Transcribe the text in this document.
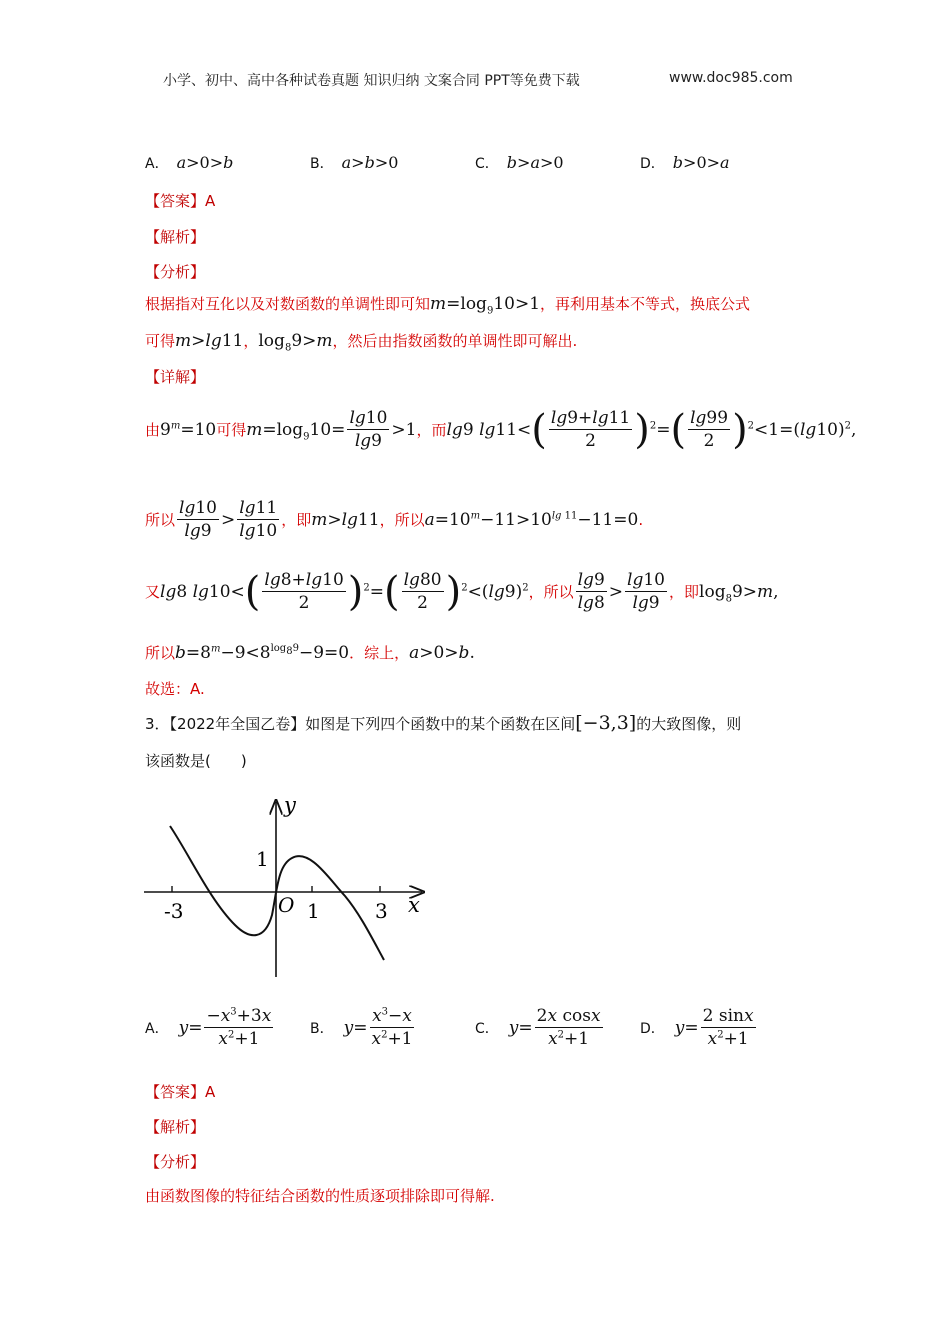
小学、初中、高中各种试卷真题 知识归纳 文案合同 PPT等免费下载	www.doc985.com
A． a>0>b	B． a>b>0	C． b>a>0	D． b>0>a
【答案】A
【解析】
【分析】
根据指对互化以及对数函数的单调性即可知 $m=\log_910>1$ ，再利用基本不等式，换底公式
可得 m>lg11 ， $\log_89>m$ ，然后由指数函数的单调性即可解出.
【详解】
由 $9^m=10$ 可得 $m=\log_910= \frac{\lg 10}{\lg 9} >1$ ， 而 lg9 lg11< ( $\frac{\lg 9+\lg 11}{2}$ ) $^2$= ( $\frac{\lg 99}{2}$ ) $^2<1=(\lg 10)^2$,
所以 $\frac{\lg 10}{\lg 9} > \frac{\lg 11}{\lg 10}$ ，即 m>lg11 ，所以 $a=10^m-11>10^{lg 11}-11=0$ .
又 lg8 lg10< ( $\frac{\lg 8+\lg 10}{2}$ ) $^2$= ( $\frac{\lg 80}{2}$ ) $^2<(\lg 9)^2$ ，所以 $\frac{\lg 9}{\lg 8} > \frac{\lg 10}{\lg 9}$ ，即 $\log_89>m$,
所以 $b=8^m-9<8^{log_89}-9=0$ ．综上， a>0>b.
故选：A.
3．【2022年全国乙卷】如图是下列四个函数中的某个函数在区间 [−3,3] 的大致图像，则
该函数是(　　)
y
x
1
O
-3	1	3
A． $y= \frac{-x^3+3x}{x^2+1}$	B． $y= \frac{x^3-x}{x^2+1}$	C． $y= \frac{\text{2x cosx}}{x^2+1}$	D． $y= \frac{2 \sin x}{x^2+1}$
【答案】A
【解析】
【分析】
由函数图像的特征结合函数的性质逐项排除即可得解.
